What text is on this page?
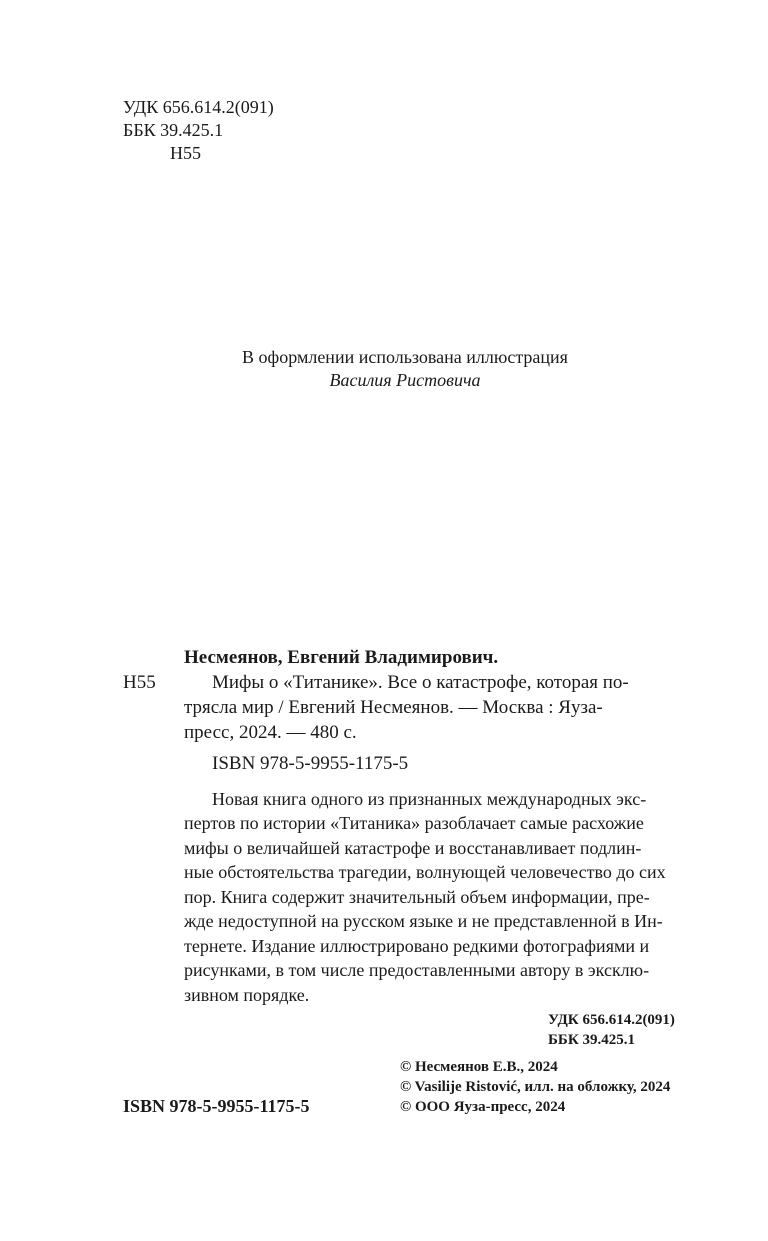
УДК 656.614.2(091)
ББК 39.425.1
Н55
В оформлении использована иллюстрация
Василия Ристовича
Несмеянов, Евгений Владимирович.
Н55	Мифы о «Титанике». Все о катастрофе, которая по-
трясла мир / Евгений Несмеянов. — Москва : Яуза-
пресс, 2024. — 480 с.
ISBN 978-5-9955-1175-5
Новая книга одного из признанных международных экс-
пертов по истории «Титаника» разоблачает самые расхожие
мифы о величайшей катастрофе и восстанавливает подлин-
ные обстоятельства трагедии, волнующей человечество до сих
пор. Книга содержит значительный объем информации, пре-
жде недоступной на русском языке и не представленной в Ин-
тернете. Издание иллюстрировано редкими фотографиями и
рисунками, в том числе предоставленными автору в эксклю-
зивном порядке.
УДК 656.614.2(091)
ББК 39.425.1
© Несмеянов Е.В., 2024
© Vasilije Ristović, илл. на обложку, 2024
© ООО Яуза-пресс, 2024
ISBN 978-5-9955-1175-5
